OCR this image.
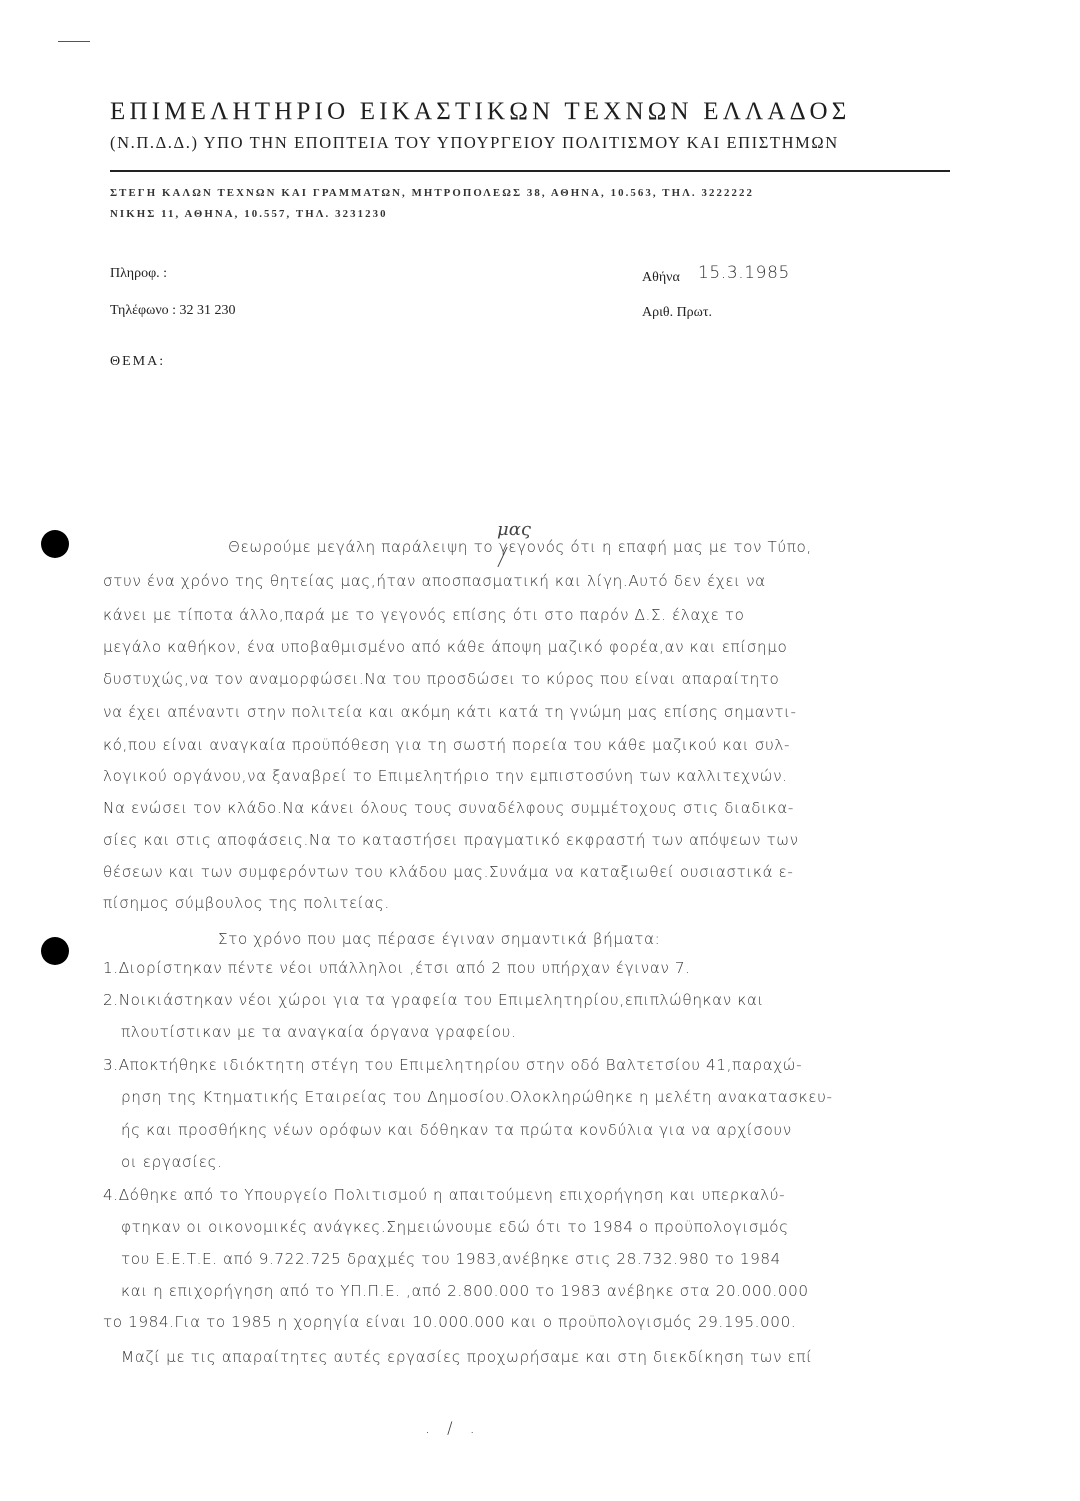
ΕΠΙΜΕΛΗΤΗΡΙΟ ΕΙΚΑΣΤΙΚΩΝ ΤΕΧΝΩΝ ΕΛΛΑΔΟΣ
(Ν.Π.Δ.Δ.) ΥΠΟ ΤΗΝ ΕΠΟΠΤΕΙΑ ΤΟΥ ΥΠΟΥΡΓΕΙΟΥ ΠΟΛΙΤΙΣΜΟΥ ΚΑΙ ΕΠΙΣΤΗΜΩΝ
ΣΤΕΓΗ ΚΑΛΩΝ ΤΕΧΝΩΝ ΚΑΙ ΓΡΑΜΜΑΤΩΝ, ΜΗΤΡΟΠΟΛΕΩΣ 38, ΑΘΗΝΑ, 10.563, ΤΗΛ. 3222222
ΝΙΚΗΣ 11, ΑΘΗΝΑ, 10.557, ΤΗΛ. 3231230
Πληροφ. :
Τηλέφωνο : 32 31 230
Αθήνα 15.3.1985
Αριθ. Πρωτ.
ΘΕΜΑ:
μας
Θεωρούμε μεγάλη παράλειψη το γεγονός ότι η επαφή μας με τον Τύπο,
στυν ένα χρόνο της θητείας μας,ήταν αποσπασματική και λίγη.Αυτό δεν έχει να
κάνει με τίποτα άλλο,παρά με το γεγονός επίσης ότι στο παρόν Δ.Σ. έλαχε το
μεγάλο καθήκον, ένα υποβαθμισμένο από κάθε άποψη μαζικό φορέα,αν και επίσημο
δυστυχώς,να τον αναμορφώσει.Να του προσδώσει το κύρος που είναι απαραίτητο
να έχει απέναντι στην πολιτεία και ακόμη κάτι κατά τη γνώμη μας επίσης σημαντι-
κό,που είναι αναγκαία προϋπόθεση για τη σωστή πορεία του κάθε μαζικού και συλ-
λογικού οργάνου,να ξαναβρεί το Επιμελητήριο την εμπιστοσύνη των καλλιτεχνών.
Να ενώσει τον κλάδο.Να κάνει όλους τους συναδέλφους συμμέτοχους στις διαδικα-
σίες και στις αποφάσεις.Να το καταστήσει πραγματικό εκφραστή των απόψεων των
θέσεων και των συμφερόντων του κλάδου μας.Συνάμα να καταξιωθεί ουσιαστικά ε-
πίσημος σύμβουλος της πολιτείας.
Στο χρόνο που μας πέρασε έγιναν σημαντικά βήματα:
1.Διορίστηκαν πέντε νέοι υπάλληλοι ,έτσι από 2 που υπήρχαν έγιναν 7.
2.Νοικιάστηκαν νέοι χώροι για τα γραφεία του Επιμελητηρίου,επιπλώθηκαν και
πλουτίστικαν με τα αναγκαία όργανα γραφείου.
3.Αποκτήθηκε ιδιόκτητη στέγη του Επιμελητηρίου στην οδό Βαλτετσίου 41,παραχώ-
ρηση της Κτηματικής Εταιρείας του Δημοσίου.Ολοκληρώθηκε η μελέτη ανακατασκευ-
ής και προσθήκης νέων ορόφων και δόθηκαν τα πρώτα κονδύλια για να αρχίσουν
οι εργασίες.
4.Δόθηκε από το Υπουργείο Πολιτισμού η απαιτούμενη επιχορήγηση και υπερκαλύ-
φτηκαν οι οικονομικές ανάγκες.Σημειώνουμε εδώ ότι το 1984 ο προϋπολογισμός
του Ε.Ε.Τ.Ε. από 9.722.725 δραχμές του 1983,ανέβηκε στις 28.732.980 το 1984
και η επιχορήγηση από το ΥΠ.Π.Ε. ,από 2.800.000 το 1983 ανέβηκε στα 20.000.000
το 1984.Για το 1985 η χορηγία είναι 10.000.000 και ο προϋπολογισμός 29.195.000.
Μαζί με τις απαραίτητες αυτές εργασίες προχωρήσαμε και στη διεκδίκηση των επί
. / .
